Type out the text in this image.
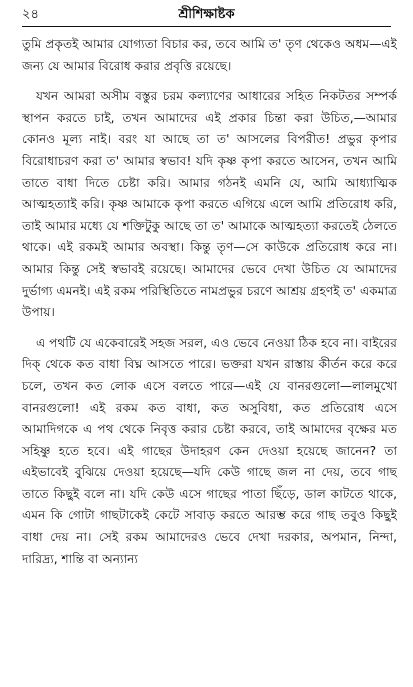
২৪	শ্রীশিক্ষাষ্টক

তুমি প্রকৃতই আমার যোগ্যতা বিচার কর, তবে আমি ত' তৃণ থেকেও অধম—এই জন্য যে আমার বিরোধ করার প্রবৃত্তি রয়েছে।

যখন আমরা অসীম বস্তুর চরম কল্যাণের আধারের সহিত নিকটতর সম্পর্ক স্থাপন করতে চাই, তখন আমাদের এই প্রকার চিন্তা করা উচিত,—আমার কোনও মূল্য নাই। বরং যা আছে তা ত' আসলের বিপরীত! প্রভুর কৃপার বিরোধাচরণ করা ত' আমার স্বভাব! যদি কৃষ্ণ কৃপা করতে আসেন, তখন আমি তাতে বাধা দিতে চেষ্টা করি। আমার গঠনই এমনি যে, আমি আধ্যাত্মিক আত্মহত্যাই করি। কৃষ্ণ আমাকে কৃপা করতে এগিয়ে এলে আমি প্রতিরোধ করি, তাই আমার মধ্যে যে শক্তিটুকু আছে তা ত' আমাকে আত্মহত্যা করতেই ঠেলতে থাকে। এই রকমই আমার অবস্থা। কিন্তু তৃণ—সে কাউকে প্রতিরোধ করে না। আমার কিন্তু সেই স্বভাবই রয়েছে। আমাদের ভেবে দেখা উচিত যে আমাদের দুর্ভাগ্য এমনই। এই রকম পরিস্থিতিতে নামপ্রভুর চরণে আশ্রয় গ্রহণই ত' একমাত্র উপায়।

এ পথটি যে একেবারেই সহজ সরল, এও ভেবে নেওয়া ঠিক হবে না। বাইরের দিক্‌ থেকে কত বাধা বিঘ্ন আসতে পারে। ভক্তরা যখন রাস্তায় কীর্তন করে করে চলে, তখন কত লোক এসে বলতে পারে—এই যে বানরগুলো—লালমুখো বানরগুলো! এই রকম কত বাধা, কত অসুবিধা, কত প্রতিরোধ এসে আমাদিগকে এ পথ থেকে নিবৃত্ত করার চেষ্টা করবে, তাই আমাদের বৃক্ষের মত সহিষ্ণু হতে হবে। এই গাছের উদাহরণ কেন দেওয়া হয়েছে জানেন? তা এইভাবেই বুঝিয়ে দেওয়া হয়েছে—যদি কেউ গাছে জল না দেয়, তবে গাছ তাতে কিছুই বলে না। যদি কেউ এসে গাছের পাতা ছিঁড়ে, ডাল কাটতে থাকে, এমন কি গোটা গাছটাকেই কেটে সাবাড় করতে আরম্ভ করে গাছ তবুও কিছুই বাধা দেয় না। সেই রকম আমাদেরও ভেবে দেখা দরকার, অপমান, নিন্দা, দারিদ্র্য, শান্তি বা অন্যান্য
